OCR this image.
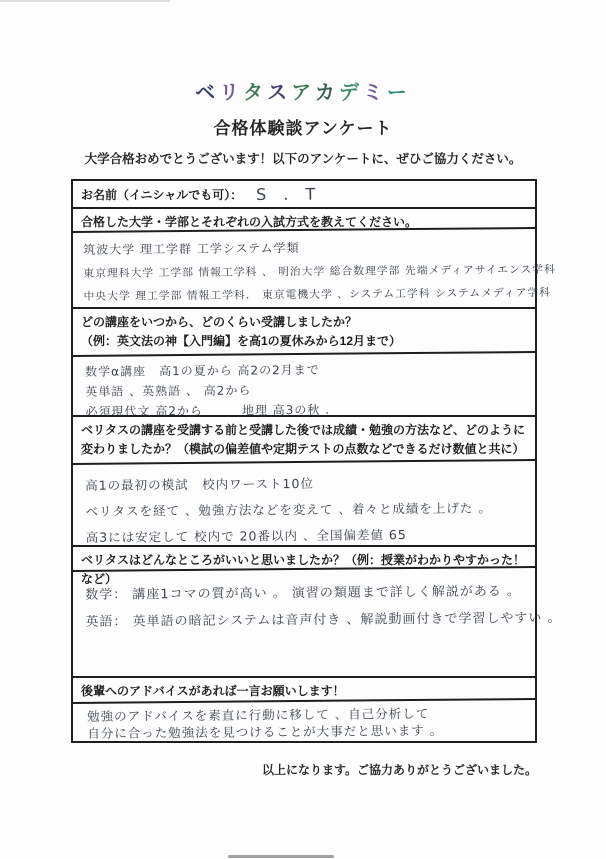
ベリタスアカデミー
合格体験談アンケート
大学合格おめでとうございます！以下のアンケートに、ぜひご協力ください。
お名前（イニシャルでも可）： S . T
合格した大学・学部とそれぞれの入試方式を教えてください。
筑波大学 理工学群 工学システム学類
東京理科大学 工学部 情報工学科 、 明治大学 総合数理学部 先端メディアサイエンス学科
中央大学 理工学部 情報工学科． 東京電機大学 、システム工学科 システムメディア学科
どの講座をいつから、どのくらい受講しましたか？
（例：英文法の神【入門編】を高1の夏休みから12月まで）
数学α講座　高1の夏から 高2の2月まで
英単語 、英熟語 、 高2から
必須現代文 高2から　　　地理 高3の秋 .
ベリタスの講座を受講する前と受講した後では成績・勉強の方法など、どのように
変わりましたか？（模試の偏差値や定期テストの点数などできるだけ数値と共に）
高1の最初の模試　校内ワースト10位
ベリタスを経て 、勉強方法などを変えて 、着々と成績を上げた 。
高3には安定して 校内で 20番以内 、全国偏差値 65
ベリタスはどんなところがいいと思いましたか？（例：授業がわかりやすかった！など）
数学： 講座1コマの質が高い 。 演習の類題まで詳しく解説がある 。
英語： 英単語の暗記システムは音声付き 、解説動画付きで学習しやすい 。
後輩へのアドバイスがあれば一言お願いします！
勉強のアドバイスを素直に行動に移して 、自己分析して
自分に合った勉強法を見つけることが大事だと思います 。
以上になります。ご協力ありがとうございました。
